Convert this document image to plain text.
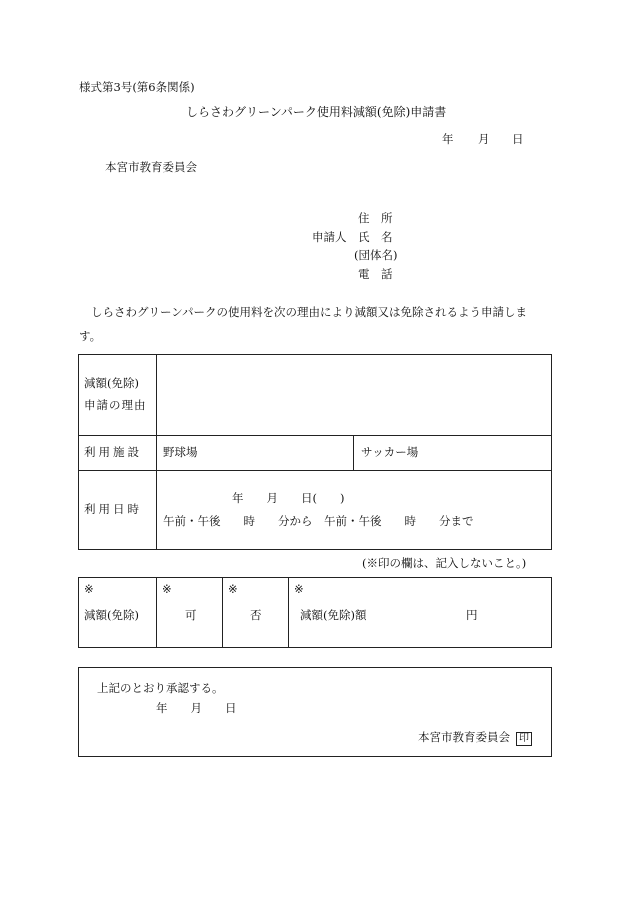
様式第3号(第6条関係)
しらさわグリーンパーク使用料減額(免除)申請書
年 月 日
本宮市教育委員会
住　所
申請人 氏　名
(団体名)
電　話
しらさわグリーンパークの使用料を次の理由により減額又は免除されるよう申請しま
す。
減額(免除)
申請の理由
利用施設 野球場	サッカー場
利用日時
年　　月　　日(　　)
午前・午後　　時　　分から　午前・午後　　時　　分まで
(※印の欄は、記入しないこと。)
※	※	※	※
減額(免除)	可	否	減額(免除)額	円
上記のとおり承認する。
年　　月　　日
本宮市教育委員会 印
